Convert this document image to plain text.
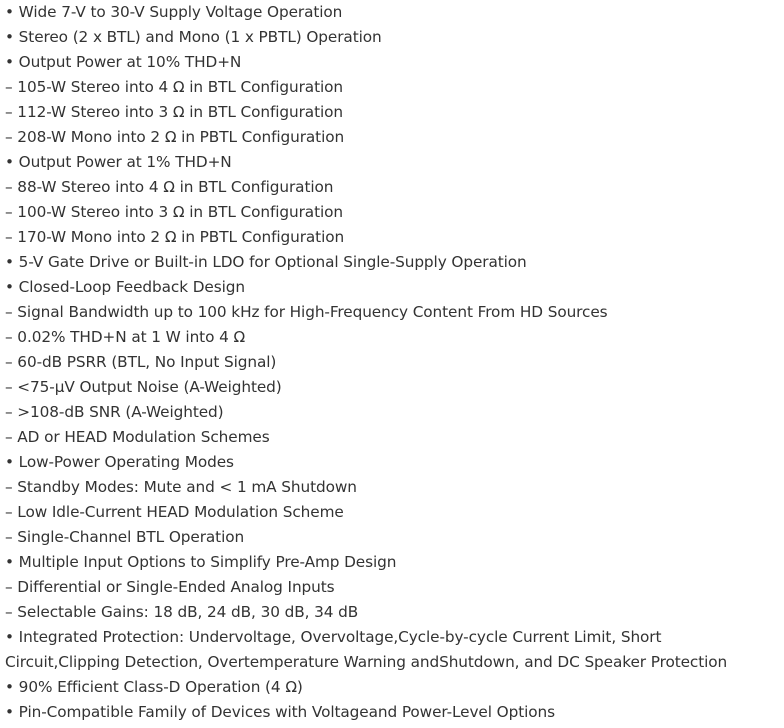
• Wide 7-V to 30-V Supply Voltage Operation
• Stereo (2 x BTL) and Mono (1 x PBTL) Operation
• Output Power at 10% THD+N
– 105-W Stereo into 4 Ω in BTL Configuration
– 112-W Stereo into 3 Ω in BTL Configuration
– 208-W Mono into 2 Ω in PBTL Configuration
• Output Power at 1% THD+N
– 88-W Stereo into 4 Ω in BTL Configuration
– 100-W Stereo into 3 Ω in BTL Configuration
– 170-W Mono into 2 Ω in PBTL Configuration
• 5-V Gate Drive or Built-in LDO for Optional Single-Supply Operation
• Closed-Loop Feedback Design
– Signal Bandwidth up to 100 kHz for High-Frequency Content From HD Sources
– 0.02% THD+N at 1 W into 4 Ω
– 60-dB PSRR (BTL, No Input Signal)
– <75-μV Output Noise (A-Weighted)
– >108-dB SNR (A-Weighted)
– AD or HEAD Modulation Schemes
• Low-Power Operating Modes
– Standby Modes: Mute and < 1 mA Shutdown
– Low Idle-Current HEAD Modulation Scheme
– Single-Channel BTL Operation
• Multiple Input Options to Simplify Pre-Amp Design
– Differential or Single-Ended Analog Inputs
– Selectable Gains: 18 dB, 24 dB, 30 dB, 34 dB
• Integrated Protection: Undervoltage, Overvoltage,Cycle-by-cycle Current Limit, Short Circuit,Clipping Detection, Overtemperature Warning andShutdown, and DC Speaker Protection
• 90% Efficient Class-D Operation (4 Ω)
• Pin-Compatible Family of Devices with Voltageand Power-Level Options
